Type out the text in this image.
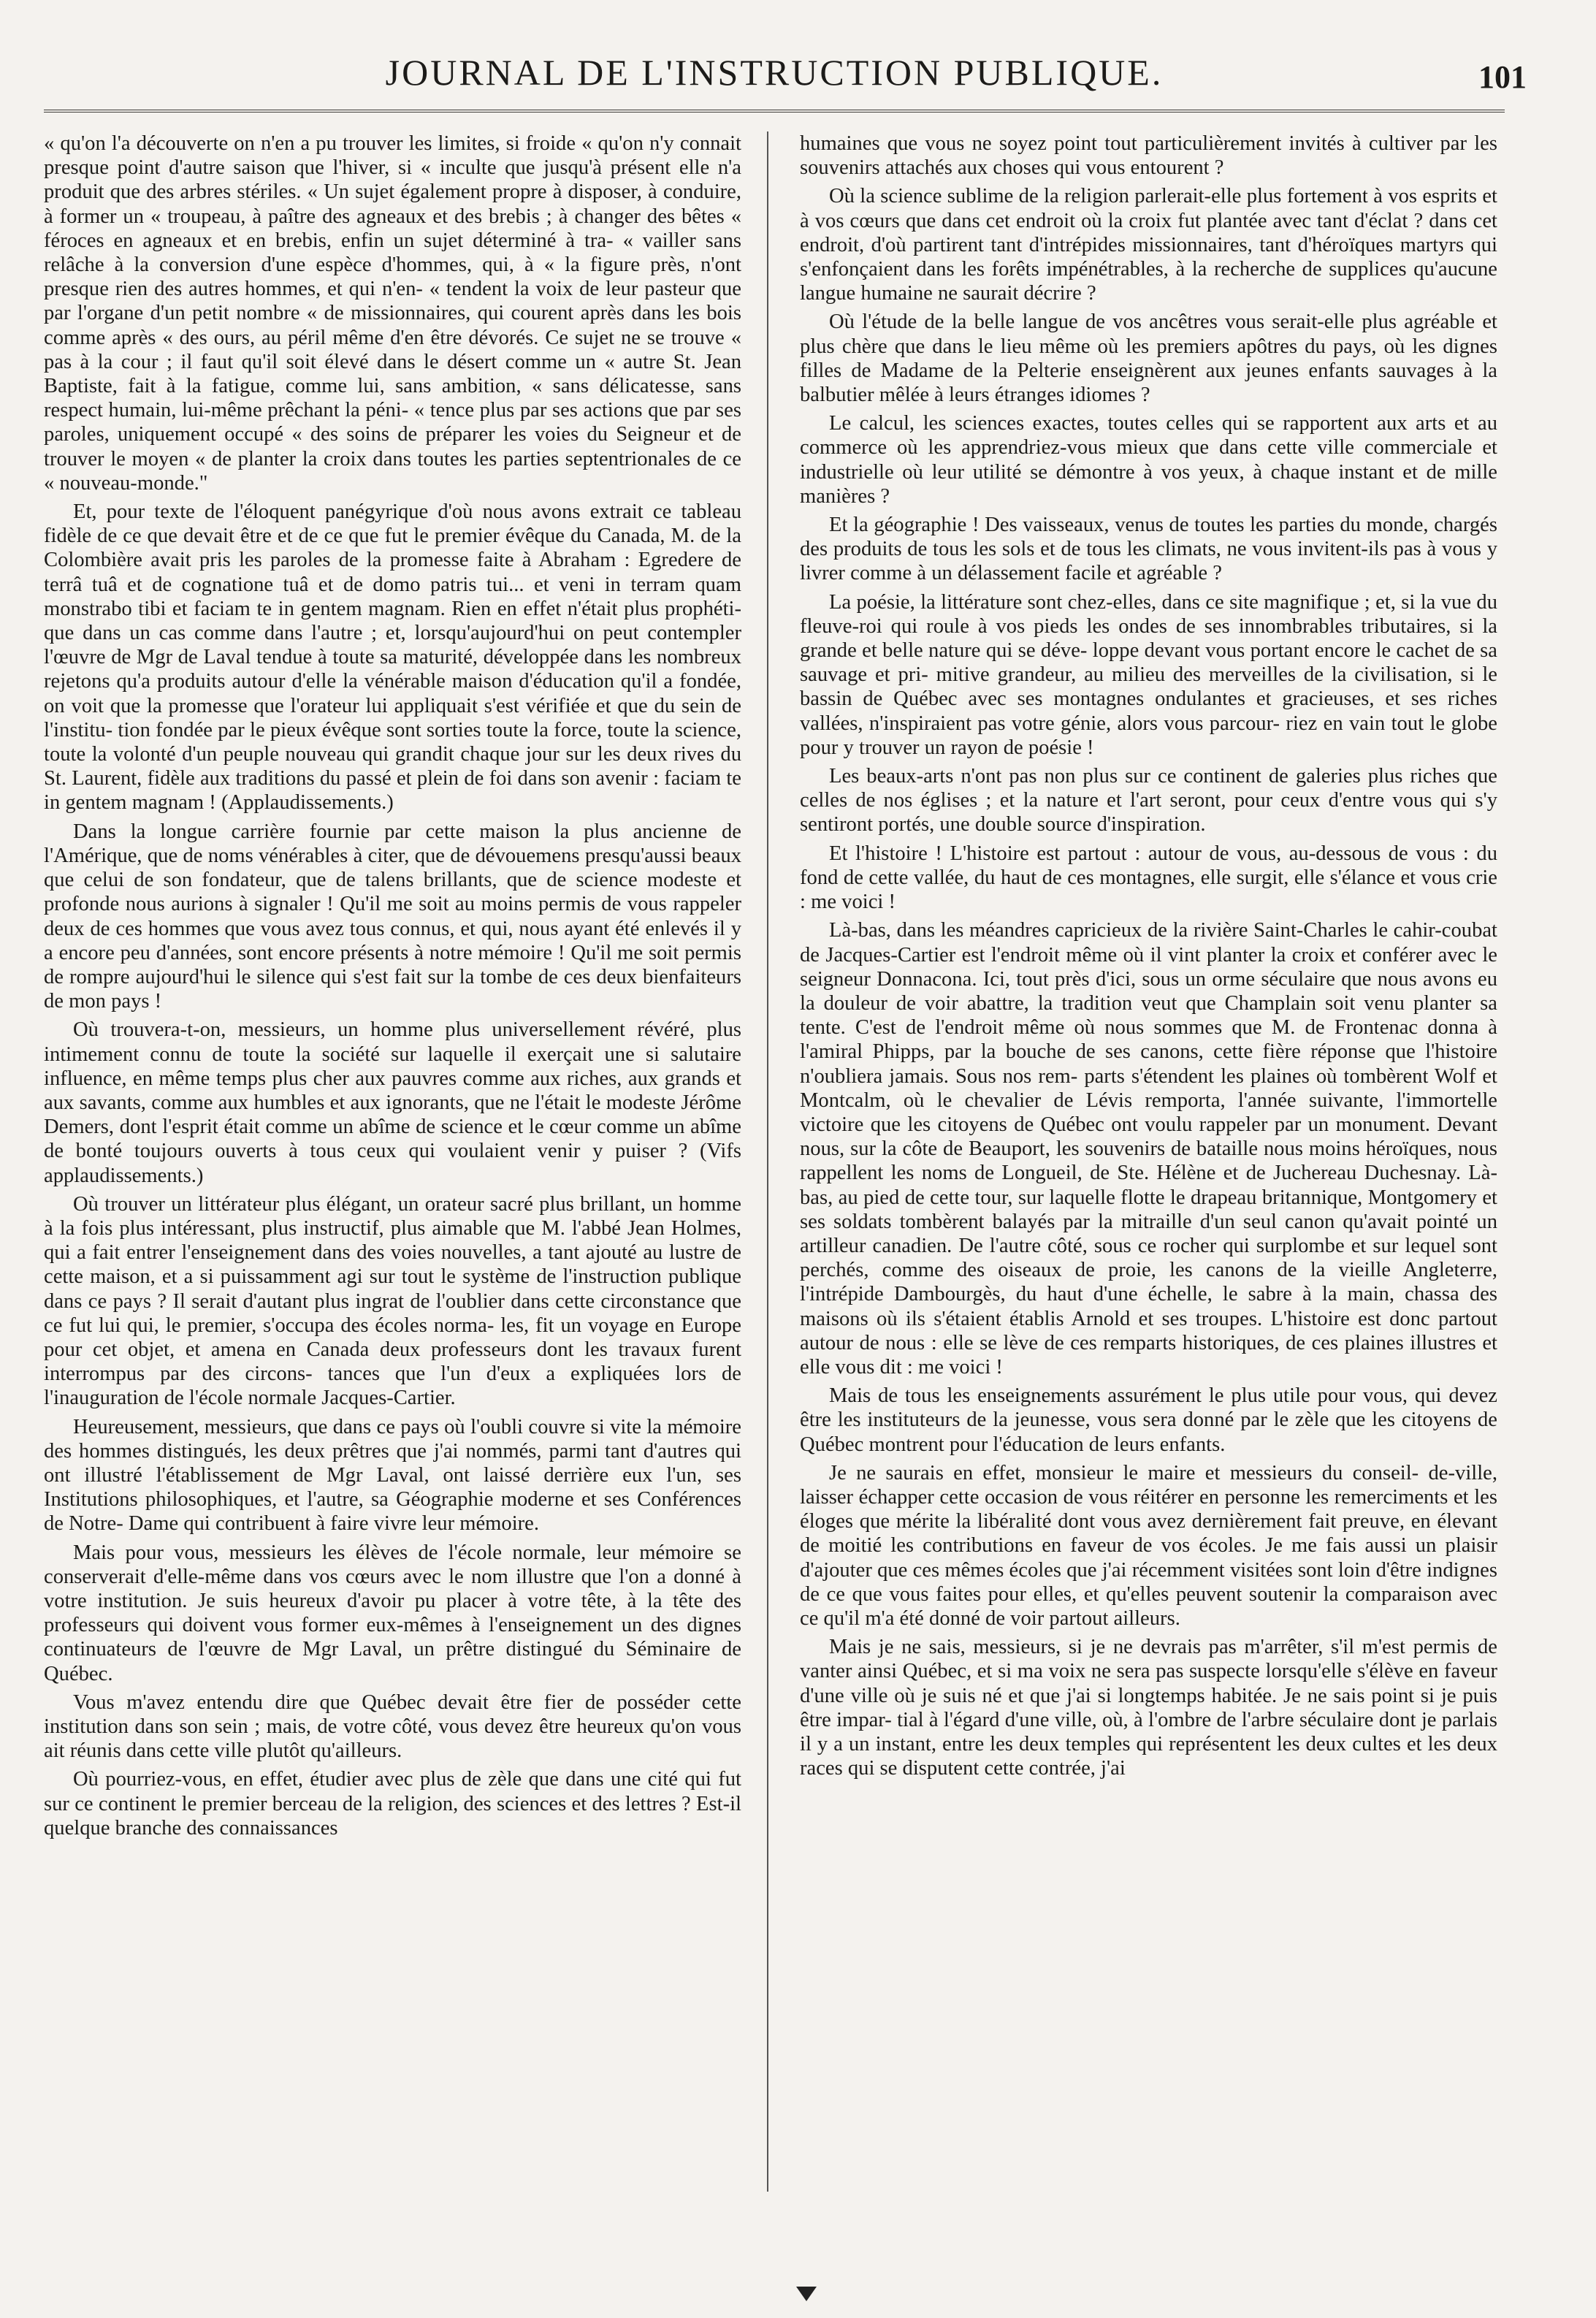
JOURNAL DE L'INSTRUCTION PUBLIQUE.	101

« qu'on l'a découverte on n'en a pu trouver les limites, si froide « qu'on n'y connait presque point d'autre saison que l'hiver, si « inculte que jusqu'à présent elle n'a produit que des arbres stériles. « Un sujet également propre à disposer, à conduire, à former un « troupeau, à paître des agneaux et des brebis ; à changer des bêtes « féroces en agneaux et en brebis, enfin un sujet déterminé à tra- « vailler sans relâche à la conversion d'une espèce d'hommes, qui, à « la figure près, n'ont presque rien des autres hommes, et qui n'en- « tendent la voix de leur pasteur que par l'organe d'un petit nombre « de missionnaires, qui courent après dans les bois comme après « des ours, au péril même d'en être dévorés. Ce sujet ne se trouve « pas à la cour ; il faut qu'il soit élevé dans le désert comme un « autre St. Jean Baptiste, fait à la fatigue, comme lui, sans ambition, « sans délicatesse, sans respect humain, lui-même prêchant la péni- « tence plus par ses actions que par ses paroles, uniquement occupé « des soins de préparer les voies du Seigneur et de trouver le moyen « de planter la croix dans toutes les parties septentrionales de ce « nouveau-monde."

Et, pour texte de l'éloquent panégyrique d'où nous avons extrait ce tableau fidèle de ce que devait être et de ce que fut le premier évêque du Canada, M. de la Colombière avait pris les paroles de la promesse faite à Abraham : Egredere de terrâ tuâ et de cognatione tuâ et de domo patris tui... et veni in terram quam monstrabo tibi et faciam te in gentem magnam. Rien en effet n'était plus prophéti- que dans un cas comme dans l'autre ; et, lorsqu'aujourd'hui on peut contempler l'œuvre de Mgr de Laval tendue à toute sa maturité, développée dans les nombreux rejetons qu'a produits autour d'elle la vénérable maison d'éducation qu'il a fondée, on voit que la promesse que l'orateur lui appliquait s'est vérifiée et que du sein de l'institu- tion fondée par le pieux évêque sont sorties toute la force, toute la science, toute la volonté d'un peuple nouveau qui grandit chaque jour sur les deux rives du St. Laurent, fidèle aux traditions du passé et plein de foi dans son avenir : faciam te in gentem magnam ! (Applaudissements.)

Dans la longue carrière fournie par cette maison la plus ancienne de l'Amérique, que de noms vénérables à citer, que de dévouemens presqu'aussi beaux que celui de son fondateur, que de talens brillants, que de science modeste et profonde nous aurions à signaler ! Qu'il me soit au moins permis de vous rappeler deux de ces hommes que vous avez tous connus, et qui, nous ayant été enlevés il y a encore peu d'années, sont encore présents à notre mémoire ! Qu'il me soit permis de rompre aujourd'hui le silence qui s'est fait sur la tombe de ces deux bienfaiteurs de mon pays !

Où trouvera-t-on, messieurs, un homme plus universellement révéré, plus intimement connu de toute la société sur laquelle il exerçait une si salutaire influence, en même temps plus cher aux pauvres comme aux riches, aux grands et aux savants, comme aux humbles et aux ignorants, que ne l'était le modeste Jérôme Demers, dont l'esprit était comme un abîme de science et le cœur comme un abîme de bonté toujours ouverts à tous ceux qui voulaient venir y puiser ? (Vifs applaudissements.)

Où trouver un littérateur plus élégant, un orateur sacré plus brillant, un homme à la fois plus intéressant, plus instructif, plus aimable que M. l'abbé Jean Holmes, qui a fait entrer l'enseignement dans des voies nouvelles, a tant ajouté au lustre de cette maison, et a si puissamment agi sur tout le système de l'instruction publique dans ce pays ? Il serait d'autant plus ingrat de l'oublier dans cette circonstance que ce fut lui qui, le premier, s'occupa des écoles norma- les, fit un voyage en Europe pour cet objet, et amena en Canada deux professeurs dont les travaux furent interrompus par des circons- tances que l'un d'eux a expliquées lors de l'inauguration de l'école normale Jacques-Cartier.

Heureusement, messieurs, que dans ce pays où l'oubli couvre si vite la mémoire des hommes distingués, les deux prêtres que j'ai nommés, parmi tant d'autres qui ont illustré l'établissement de Mgr Laval, ont laissé derrière eux l'un, ses Institutions philosophiques, et l'autre, sa Géographie moderne et ses Conférences de Notre- Dame qui contribuent à faire vivre leur mémoire.

Mais pour vous, messieurs les élèves de l'école normale, leur mémoire se conserverait d'elle-même dans vos cœurs avec le nom illustre que l'on a donné à votre institution. Je suis heureux d'avoir pu placer à votre tête, à la tête des professeurs qui doivent vous former eux-mêmes à l'enseignement un des dignes continuateurs de l'œuvre de Mgr Laval, un prêtre distingué du Séminaire de Québec.

Vous m'avez entendu dire que Québec devait être fier de posséder cette institution dans son sein ; mais, de votre côté, vous devez être heureux qu'on vous ait réunis dans cette ville plutôt qu'ailleurs.

Où pourriez-vous, en effet, étudier avec plus de zèle que dans une cité qui fut sur ce continent le premier berceau de la religion, des sciences et des lettres ? Est-il quelque branche des connaissances

humaines que vous ne soyez point tout particulièrement invités à cultiver par les souvenirs attachés aux choses qui vous entourent ?

Où la science sublime de la religion parlerait-elle plus fortement à vos esprits et à vos cœurs que dans cet endroit où la croix fut plantée avec tant d'éclat ? dans cet endroit, d'où partirent tant d'intrépides missionnaires, tant d'héroïques martyrs qui s'enfonçaient dans les forêts impénétrables, à la recherche de supplices qu'aucune langue humaine ne saurait décrire ?

Où l'étude de la belle langue de vos ancêtres vous serait-elle plus agréable et plus chère que dans le lieu même où les premiers apôtres du pays, où les dignes filles de Madame de la Pelterie enseignèrent aux jeunes enfants sauvages à la balbutier mêlée à leurs étranges idiomes ?

Le calcul, les sciences exactes, toutes celles qui se rapportent aux arts et au commerce où les apprendriez-vous mieux que dans cette ville commerciale et industrielle où leur utilité se démontre à vos yeux, à chaque instant et de mille manières ?

Et la géographie ! Des vaisseaux, venus de toutes les parties du monde, chargés des produits de tous les sols et de tous les climats, ne vous invitent-ils pas à vous y livrer comme à un délassement facile et agréable ?

La poésie, la littérature sont chez-elles, dans ce site magnifique ; et, si la vue du fleuve-roi qui roule à vos pieds les ondes de ses innombrables tributaires, si la grande et belle nature qui se déve- loppe devant vous portant encore le cachet de sa sauvage et pri- mitive grandeur, au milieu des merveilles de la civilisation, si le bassin de Québec avec ses montagnes ondulantes et gracieuses, et ses riches vallées, n'inspiraient pas votre génie, alors vous parcour- riez en vain tout le globe pour y trouver un rayon de poésie !

Les beaux-arts n'ont pas non plus sur ce continent de galeries plus riches que celles de nos églises ; et la nature et l'art seront, pour ceux d'entre vous qui s'y sentiront portés, une double source d'inspiration.

Et l'histoire ! L'histoire est partout : autour de vous, au-dessous de vous : du fond de cette vallée, du haut de ces montagnes, elle surgit, elle s'élance et vous crie : me voici !

Là-bas, dans les méandres capricieux de la rivière Saint-Charles le cahir-coubat de Jacques-Cartier est l'endroit même où il vint planter la croix et conférer avec le seigneur Donnacona. Ici, tout près d'ici, sous un orme séculaire que nous avons eu la douleur de voir abattre, la tradition veut que Champlain soit venu planter sa tente. C'est de l'endroit même où nous sommes que M. de Frontenac donna à l'amiral Phipps, par la bouche de ses canons, cette fière réponse que l'histoire n'oubliera jamais. Sous nos rem- parts s'étendent les plaines où tombèrent Wolf et Montcalm, où le chevalier de Lévis remporta, l'année suivante, l'immortelle victoire que les citoyens de Québec ont voulu rappeler par un monument. Devant nous, sur la côte de Beauport, les souvenirs de bataille nous moins héroïques, nous rappellent les noms de Longueil, de Ste. Hélène et de Juchereau Duchesnay. Là-bas, au pied de cette tour, sur laquelle flotte le drapeau britannique, Montgomery et ses soldats tombèrent balayés par la mitraille d'un seul canon qu'avait pointé un artilleur canadien. De l'autre côté, sous ce rocher qui surplombe et sur lequel sont perchés, comme des oiseaux de proie, les canons de la vieille Angleterre, l'intrépide Dambourgès, du haut d'une échelle, le sabre à la main, chassa des maisons où ils s'étaient établis Arnold et ses troupes. L'histoire est donc partout autour de nous : elle se lève de ces remparts historiques, de ces plaines illustres et elle vous dit : me voici !

Mais de tous les enseignements assurément le plus utile pour vous, qui devez être les instituteurs de la jeunesse, vous sera donné par le zèle que les citoyens de Québec montrent pour l'éducation de leurs enfants.

Je ne saurais en effet, monsieur le maire et messieurs du conseil- de-ville, laisser échapper cette occasion de vous réitérer en personne les remerciments et les éloges que mérite la libéralité dont vous avez dernièrement fait preuve, en élevant de moitié les contributions en faveur de vos écoles. Je me fais aussi un plaisir d'ajouter que ces mêmes écoles que j'ai récemment visitées sont loin d'être indignes de ce que vous faites pour elles, et qu'elles peuvent soutenir la comparaison avec ce qu'il m'a été donné de voir partout ailleurs.

Mais je ne sais, messieurs, si je ne devrais pas m'arrêter, s'il m'est permis de vanter ainsi Québec, et si ma voix ne sera pas suspecte lorsqu'elle s'élève en faveur d'une ville où je suis né et que j'ai si longtemps habitée. Je ne sais point si je puis être impar- tial à l'égard d'une ville, où, à l'ombre de l'arbre séculaire dont je parlais il y a un instant, entre les deux temples qui représentent les deux cultes et les deux races qui se disputent cette contrée, j'ai
